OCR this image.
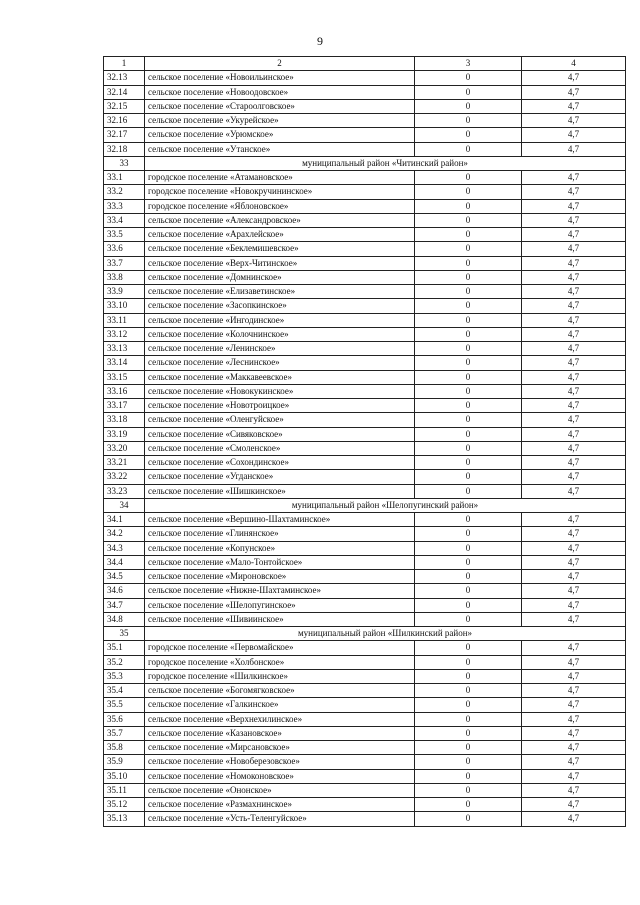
9
1	2	3	4
32.13	сельское поселение «Новоильинское»	0	4,7
32.14	сельское поселение «Новоодовское»	0	4,7
32.15	сельское поселение «Староолговское»	0	4,7
32.16	сельское поселение «Укурейское»	0	4,7
32.17	сельское поселение «Урюмское»	0	4,7
32.18	сельское поселение «Утанское»	0	4,7
33	муниципальный район «Читинский район»		
33.1	городское поселение «Атамановское»	0	4,7
33.2	городское поселение «Новокручининское»	0	4,7
33.3	городское поселение «Яблоновское»	0	4,7
33.4	сельское поселение «Александровское»	0	4,7
33.5	сельское поселение «Арахлейское»	0	4,7
33.6	сельское поселение «Беклемишевское»	0	4,7
33.7	сельское поселение «Верх-Читинское»	0	4,7
33.8	сельское поселение «Домнинское»	0	4,7
33.9	сельское поселение «Елизаветинское»	0	4,7
33.10	сельское поселение «Засопкинское»	0	4,7
33.11	сельское поселение «Ингодинское»	0	4,7
33.12	сельское поселение «Колочнинское»	0	4,7
33.13	сельское поселение «Ленинское»	0	4,7
33.14	сельское поселение «Леснинское»	0	4,7
33.15	сельское поселение «Маккавеевское»	0	4,7
33.16	сельское поселение «Новокукинское»	0	4,7
33.17	сельское поселение «Новотроицкое»	0	4,7
33.18	сельское поселение «Оленгуйское»	0	4,7
33.19	сельское поселение «Сивяковское»	0	4,7
33.20	сельское поселение «Смоленское»	0	4,7
33.21	сельское поселение «Сохондинское»	0	4,7
33.22	сельское поселение «Угданское»	0	4,7
33.23	сельское поселение «Шишкинское»	0	4,7
34	муниципальный район «Шелопугинский район»		
34.1	сельское поселение «Вершино-Шахтаминское»	0	4,7
34.2	сельское поселение «Глинянское»	0	4,7
34.3	сельское поселение «Копунское»	0	4,7
34.4	сельское поселение «Мало-Тонтойское»	0	4,7
34.5	сельское поселение «Мироновское»	0	4,7
34.6	сельское поселение «Нижне-Шахтаминское»	0	4,7
34.7	сельское поселение «Шелопугинское»	0	4,7
34.8	сельское поселение «Шивиинское»	0	4,7
35	муниципальный район «Шилкинский район»		
35.1	городское поселение «Первомайское»	0	4,7
35.2	городское поселение «Холбонское»	0	4,7
35.3	городское поселение «Шилкинское»	0	4,7
35.4	сельское поселение «Богомягковское»	0	4,7
35.5	сельское поселение «Галкинское»	0	4,7
35.6	сельское поселение «Верхнехилинское»	0	4,7
35.7	сельское поселение «Казановское»	0	4,7
35.8	сельское поселение «Мирсановское»	0	4,7
35.9	сельское поселение «Новоберезовское»	0	4,7
35.10	сельское поселение «Номоконовское»	0	4,7
35.11	сельское поселение «Ононское»	0	4,7
35.12	сельское поселение «Размахнинское»	0	4,7
35.13	сельское поселение «Усть-Теленгуйское»	0	4,7
